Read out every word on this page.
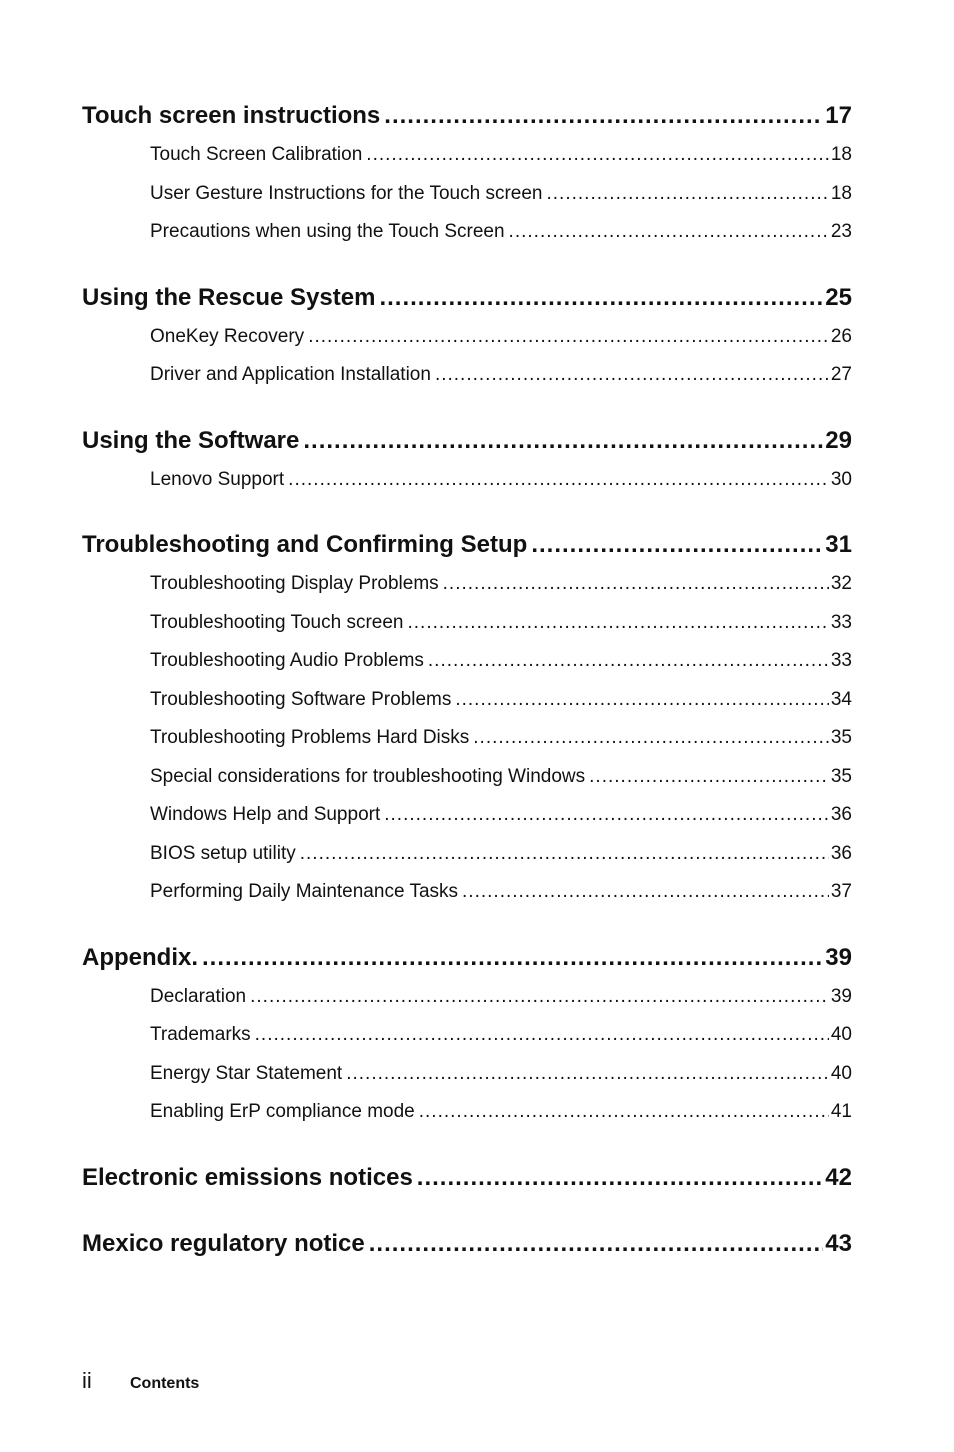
Touch screen instructions .....	17
Touch Screen Calibration .....	18
User Gesture Instructions for the Touch screen .....	18
Precautions when using the Touch Screen .....	23
Using the Rescue System .....	25
OneKey Recovery .....	26
Driver and Application Installation .....	27
Using the Software .....	29
Lenovo Support .....	30
Troubleshooting and Confirming Setup .....	31
Troubleshooting Display Problems .....	32
Troubleshooting Touch screen .....	33
Troubleshooting Audio Problems .....	33
Troubleshooting Software Problems .....	34
Troubleshooting Problems Hard Disks .....	35
Special considerations for troubleshooting Windows .....	35
Windows Help and Support .....	36
BIOS setup utility .....	36
Performing Daily Maintenance Tasks .....	37
Appendix. .....	39
Declaration .....	39
Trademarks .....	40
Energy Star Statement .....	40
Enabling ErP compliance mode .....	41
Electronic emissions notices .....	42
Mexico regulatory notice .....	43
ii	Contents
